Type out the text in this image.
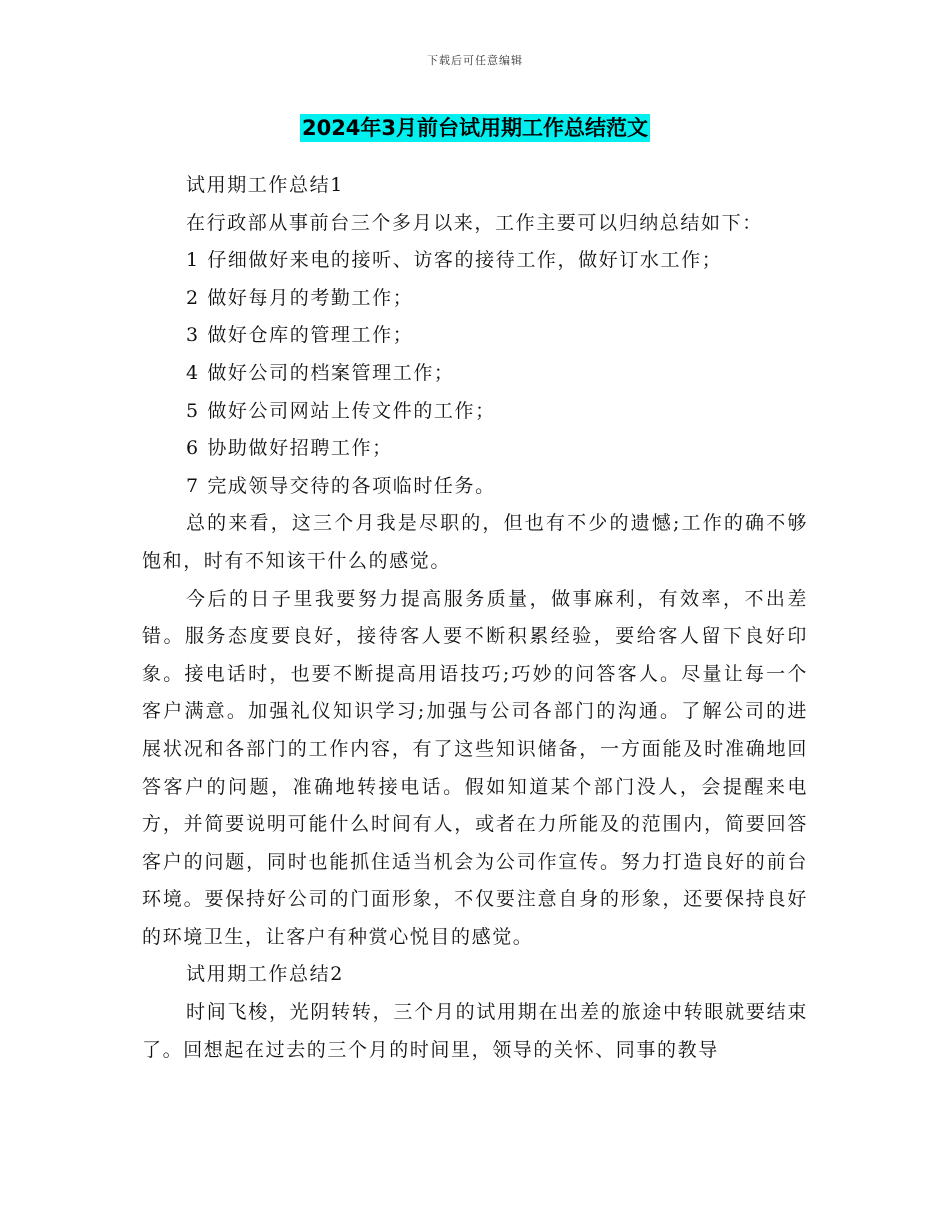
下载后可任意编辑
2024年3月前台试用期工作总结范文

试用期工作总结1

在行政部从事前台三个多月以来，工作主要可以归纳总结如下：

1 仔细做好来电的接听、访客的接待工作，做好订水工作；

2 做好每月的考勤工作；

3 做好仓库的管理工作；

4 做好公司的档案管理工作；

5 做好公司网站上传文件的工作；

6 协助做好招聘工作；

7 完成领导交待的各项临时任务。

总的来看，这三个月我是尽职的，但也有不少的遗憾;工作的确不够饱和，时有不知该干什么的感觉。

今后的日子里我要努力提高服务质量，做事麻利，有效率，不出差错。服务态度要良好，接待客人要不断积累经验，要给客人留下良好印象。接电话时，也要不断提高用语技巧;巧妙的问答客人。尽量让每一个客户满意。加强礼仪知识学习;加强与公司各部门的沟通。了解公司的进展状况和各部门的工作内容，有了这些知识储备，一方面能及时准确地回答客户的问题，准确地转接电话。假如知道某个部门没人，会提醒来电方，并简要说明可能什么时间有人，或者在力所能及的范围内，简要回答客户的问题，同时也能抓住适当机会为公司作宣传。努力打造良好的前台环境。要保持好公司的门面形象，不仅要注意自身的形象，还要保持良好的环境卫生，让客户有种赏心悦目的感觉。

试用期工作总结2

时间飞梭，光阴转转，三个月的试用期在出差的旅途中转眼就要结束了。回想起在过去的三个月的时间里，领导的关怀、同事的教导
